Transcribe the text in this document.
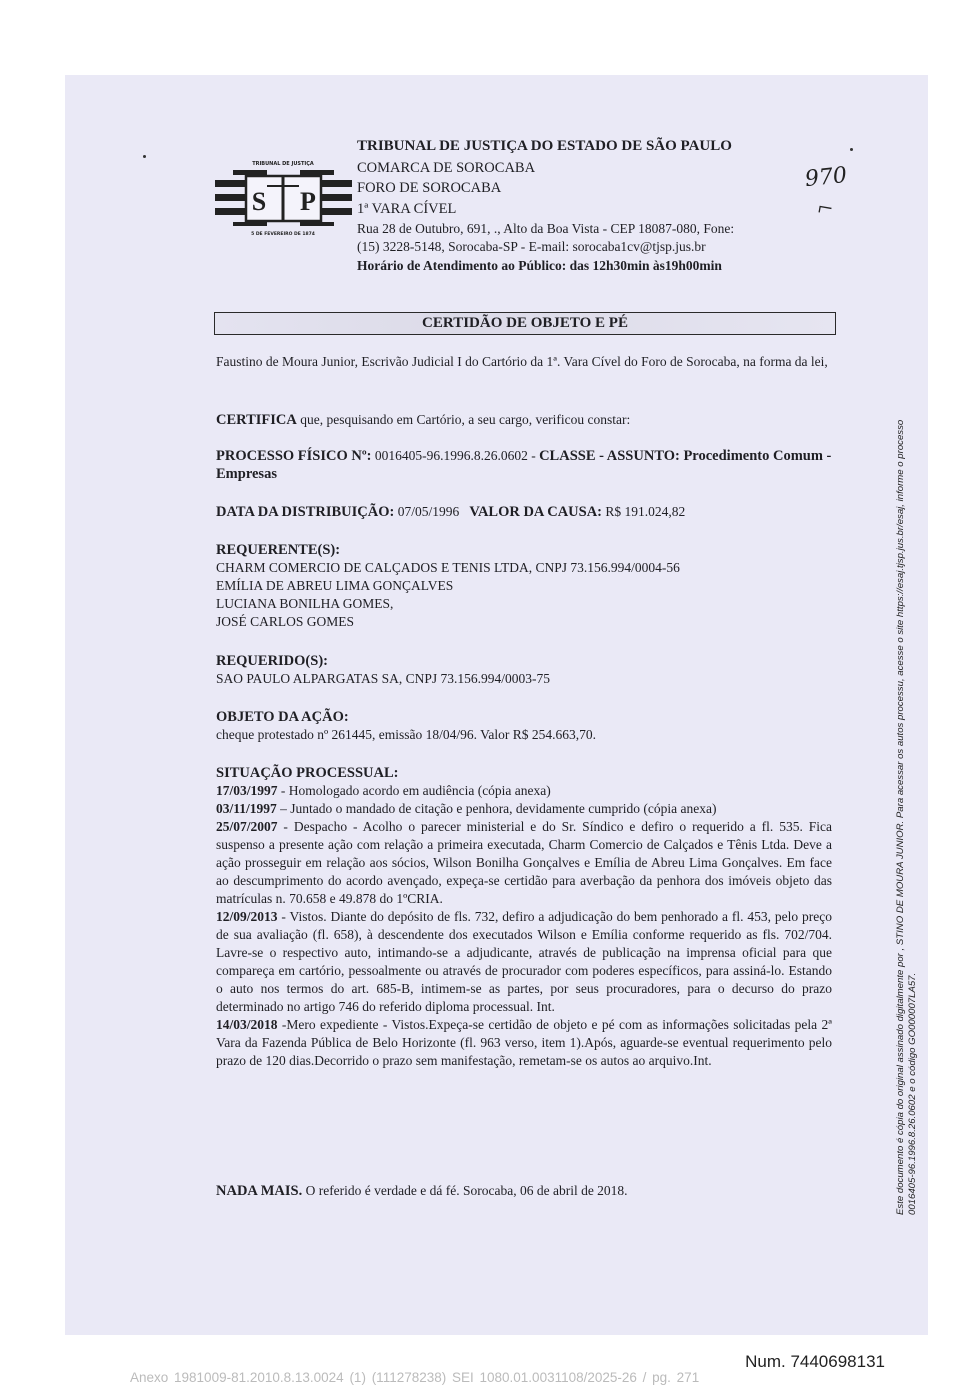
TRIBUNAL DE JUSTIÇA
S P
5 DE FEVEREIRO DE 1874
TRIBUNAL DE JUSTIÇA DO ESTADO DE SÃO PAULO
COMARCA DE SOROCABA
FORO DE SOROCABA
1ª VARA CÍVEL
Rua 28 de Outubro, 691, ., Alto da Boa Vista - CEP 18087-080, Fone:
(15) 3228-5148, Sorocaba-SP - E-mail: sorocaba1cv@tjsp.jus.br
Horário de Atendimento ao Público: das 12h30min às19h00min
970
⌐
CERTIDÃO DE OBJETO E PÉ

Faustino de Moura Junior, Escrivão Judicial I do Cartório da 1ª. Vara Cível do Foro de Sorocaba, na forma da lei,

CERTIFICA que, pesquisando em Cartório, a seu cargo, verificou constar:

PROCESSO FÍSICO Nº: 0016405-96.1996.8.26.0602 - CLASSE - ASSUNTO: Procedimento Comum - Empresas

DATA DA DISTRIBUIÇÃO: 07/05/1996 VALOR DA CAUSA: R$ 191.024,82

REQUERENTE(S):

CHARM COMERCIO DE CALÇADOS E TENIS LTDA, CNPJ 73.156.994/0004-56

EMÍLIA DE ABREU LIMA GONÇALVES

LUCIANA BONILHA GOMES,

JOSÉ CARLOS GOMES

REQUERIDO(S):

SAO PAULO ALPARGATAS SA, CNPJ 73.156.994/0003-75

OBJETO DA AÇÃO:

cheque protestado nº 261445, emissão 18/04/96. Valor R$ 254.663,70.

SITUAÇÃO PROCESSUAL:

17/03/1997 - Homologado acordo em audiência (cópia anexa)

03/11/1997 – Juntado o mandado de citação e penhora, devidamente cumprido (cópia anexa)

25/07/2007 - Despacho - Acolho o parecer ministerial e do Sr. Síndico e defiro o requerido a fl. 535. Fica suspenso a presente ação com relação a primeira executada, Charm Comercio de Calçados e Tênis Ltda. Deve a ação prosseguir em relação aos sócios, Wilson Bonilha Gonçalves e Emília de Abreu Lima Gonçalves. Em face ao descumprimento do acordo avençado, expeça-se certidão para averbação da penhora dos imóveis objeto das matrículas n. 70.658 e 49.878 do 1ºCRIA.

12/09/2013 - Vistos. Diante do depósito de fls. 732, defiro a adjudicação do bem penhorado a fl. 453, pelo preço de sua avaliação (fl. 658), à descendente dos executados Wilson e Emília conforme requerido as fls. 702/704. Lavre-se o respectivo auto, intimando-se a adjudicante, através de publicação na imprensa oficial para que compareça em cartório, pessoalmente ou através de procurador com poderes específicos, para assiná-lo. Estando o auto nos termos do art. 685-B, intimem-se as partes, por seus procuradores, para o decurso do prazo determinado no artigo 746 do referido diploma processual. Int.

14/03/2018 -Mero expediente - Vistos.Expeça-se certidão de objeto e pé com as informações solicitadas pela 2ª Vara da Fazenda Pública de Belo Horizonte (fl. 963 verso, item 1).Após, aguarde-se eventual requerimento pelo prazo de 120 dias.Decorrido o prazo sem manifestação, remetam-se os autos ao arquivo.Int.

NADA MAIS. O referido é verdade e dá fé. Sorocaba, 06 de abril de 2018.	Este documento é cópia do original assinado digitalmente por , STINO DE MOURA JUNIOR. Para acessar os autos processu, acesse o site https://esaj.tjsp.jus.br/esaj, informe o processo 0016405-96.1996.8.26.0602 e o código GO000007LA57.
Num. 7440698131
Anexo 1981009-81.2010.8.13.0024 (1) (111278238) SEI 1080.01.0031108/2025-26 / pg. 271
